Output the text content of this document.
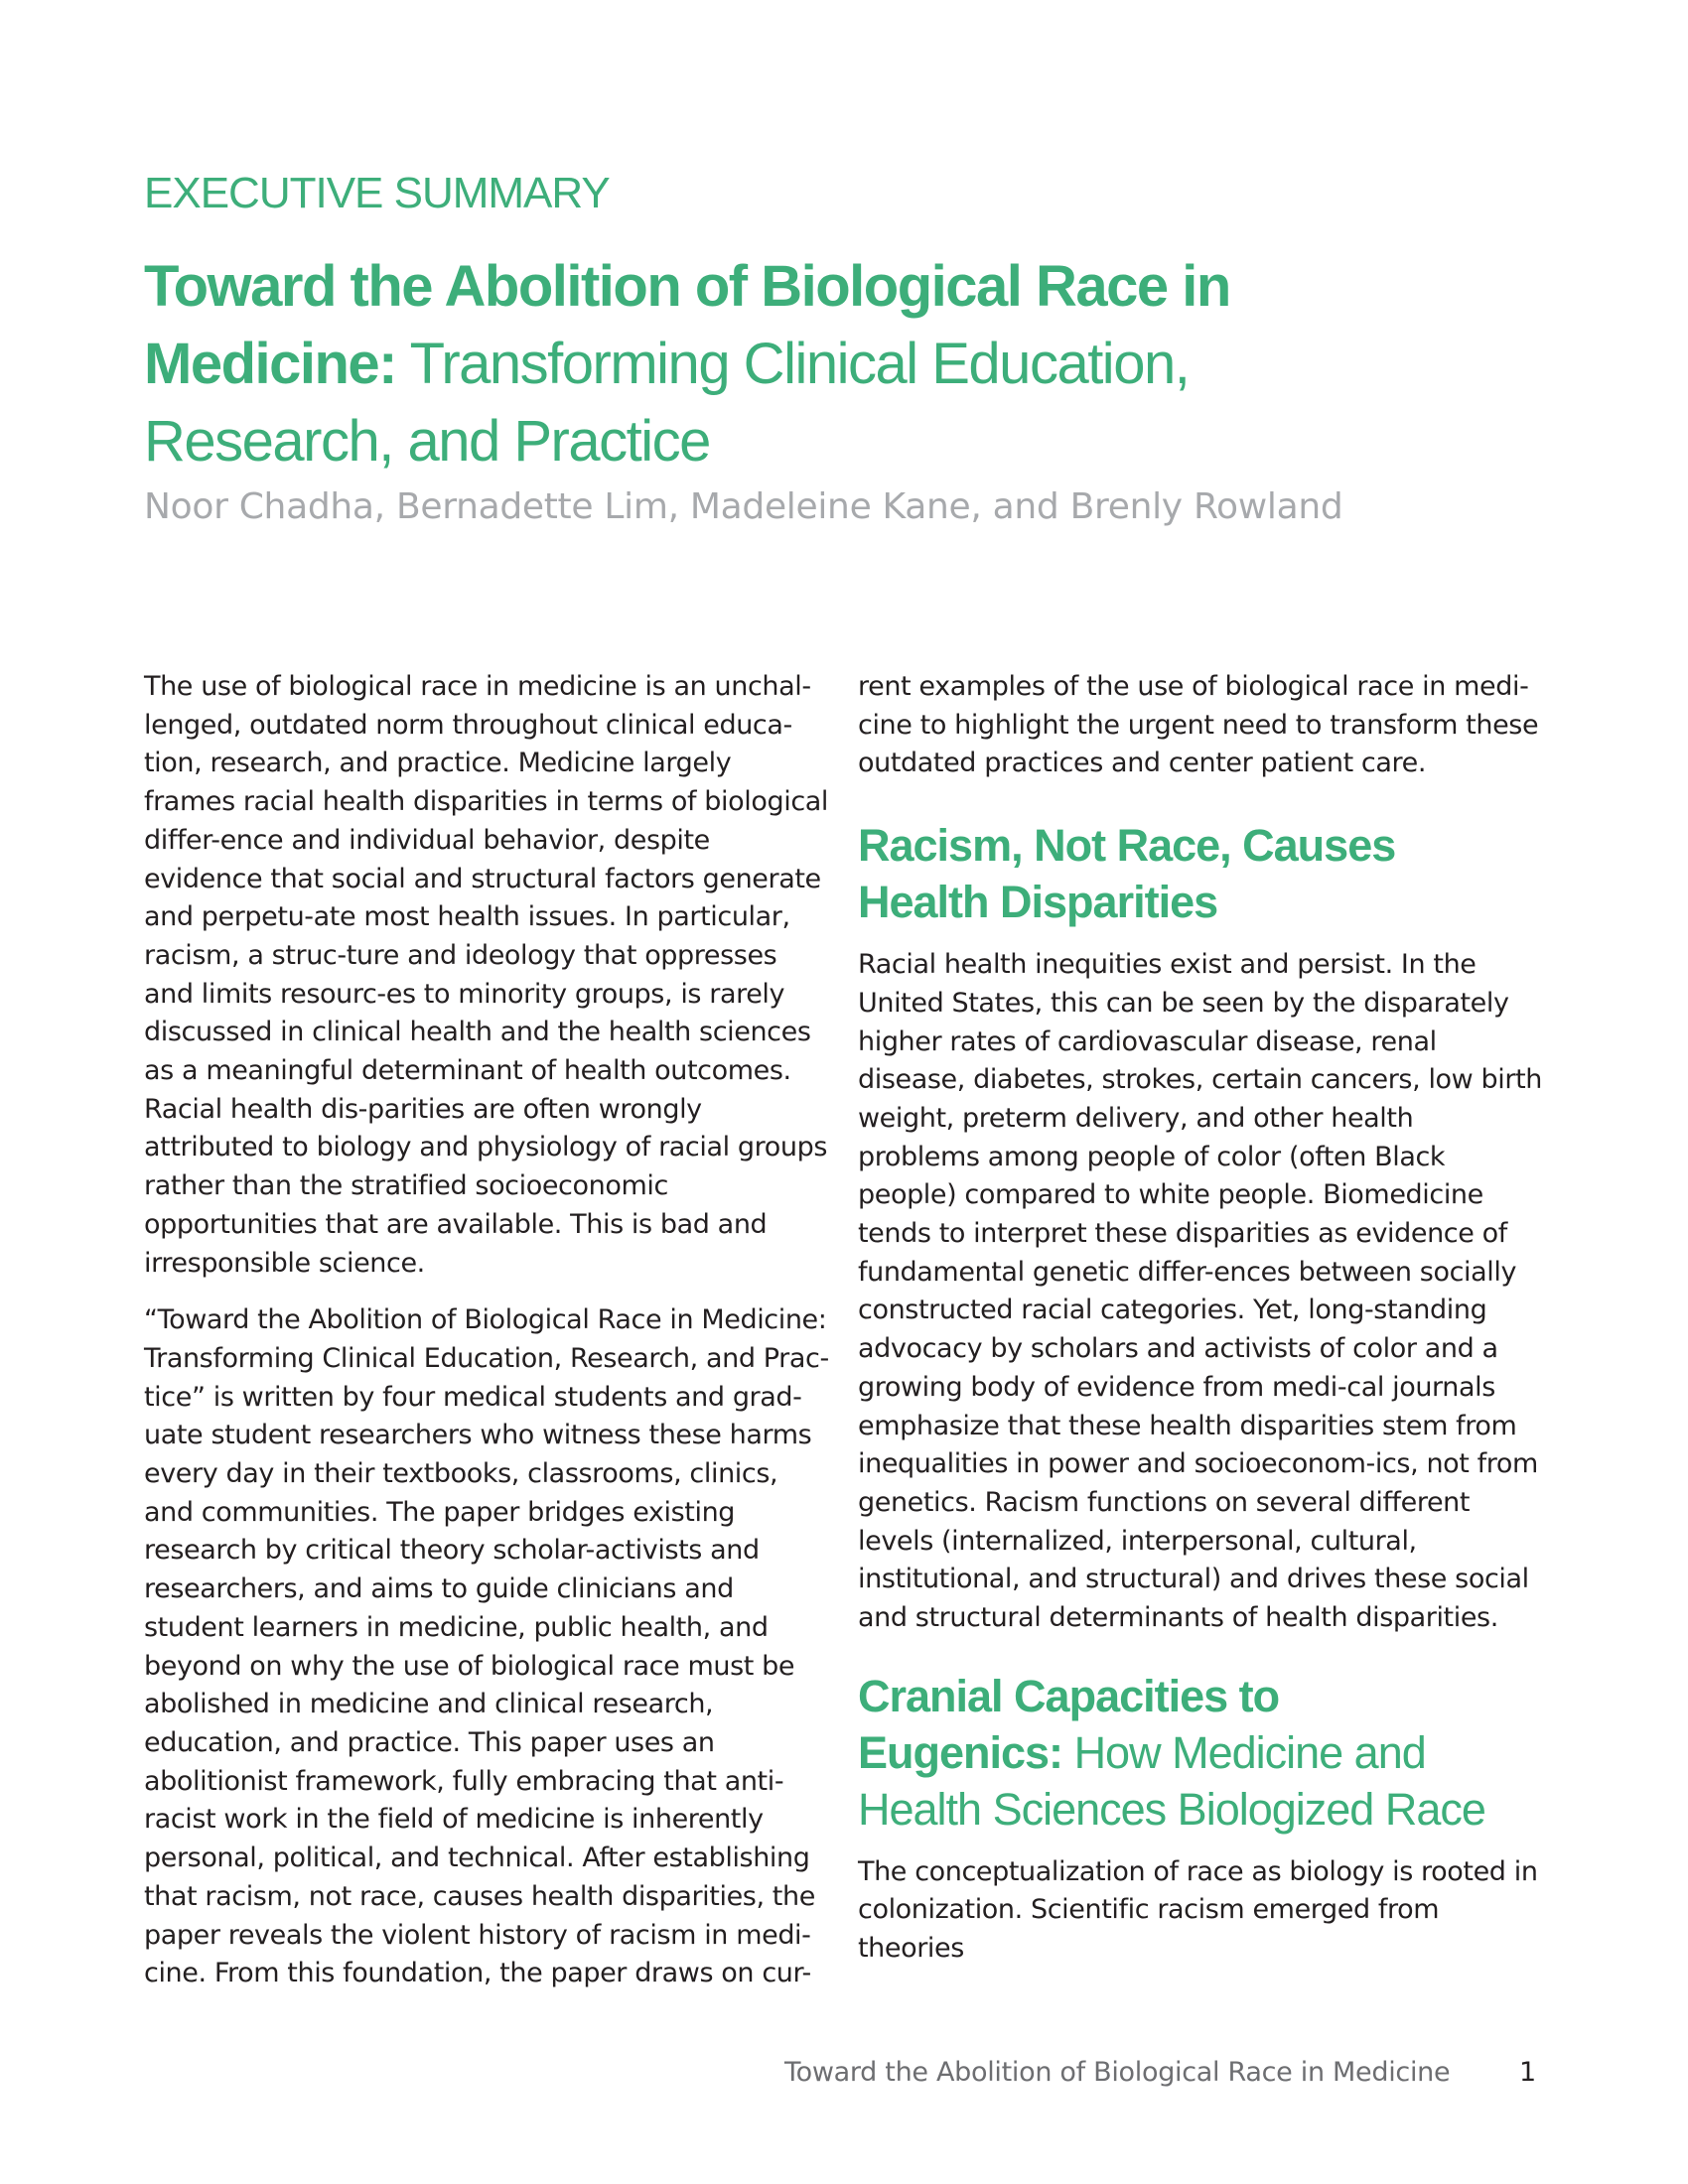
EXECUTIVE SUMMARY
Toward the Abolition of Biological Race in Medicine: Transforming Clinical Education, Research, and Practice
Noor Chadha, Bernadette Lim, Madeleine Kane, and Brenly Rowland

The use of biological race in medicine is an unchal-lenged, outdated norm throughout clinical educa-tion, research, and practice. Medicine largely frames racial health disparities in terms of biological differ-ence and individual behavior, despite evidence that social and structural factors generate and perpetu-ate most health issues. In particular, racism, a struc-ture and ideology that oppresses and limits resourc-es to minority groups, is rarely discussed in clinical health and the health sciences as a meaningful determinant of health outcomes. Racial health dis-parities are often wrongly attributed to biology and physiology of racial groups rather than the stratified socioeconomic opportunities that are available. This is bad and irresponsible science.

“Toward the Abolition of Biological Race in Medicine: Transforming Clinical Education, Research, and Prac-tice” is written by four medical students and grad-uate student researchers who witness these harms every day in their textbooks, classrooms, clinics, and communities. The paper bridges existing research by critical theory scholar-activists and researchers, and aims to guide clinicians and student learners in medicine, public health, and beyond on why the use of biological race must be abolished in medicine and clinical research, education, and practice. This paper uses an abolitionist framework, fully embracing that anti-racist work in the field of medicine is inherently personal, political, and technical. After establishing that racism, not race, causes health disparities, the paper reveals the violent history of racism in medi-cine. From this foundation, the paper draws on cur-

rent examples of the use of biological race in medi-cine to highlight the urgent need to transform these outdated practices and center patient care.

Racism, Not Race, Causes Health Disparities

Racial health inequities exist and persist. In the United States, this can be seen by the disparately higher rates of cardiovascular disease, renal disease, diabetes, strokes, certain cancers, low birth weight, preterm delivery, and other health problems among people of color (often Black people) compared to white people. Biomedicine tends to interpret these disparities as evidence of fundamental genetic differ-ences between socially constructed racial categories. Yet, long-standing advocacy by scholars and activists of color and a growing body of evidence from medi-cal journals emphasize that these health disparities stem from inequalities in power and socioeconom-ics, not from genetics. Racism functions on several different levels (internalized, interpersonal, cultural, institutional, and structural) and drives these social and structural determinants of health disparities.

Cranial Capacities to Eugenics: How Medicine and Health Sciences Biologized Race

The conceptualization of race as biology is rooted in colonization. Scientific racism emerged from theories

Toward the Abolition of Biological Race in Medicine	1
